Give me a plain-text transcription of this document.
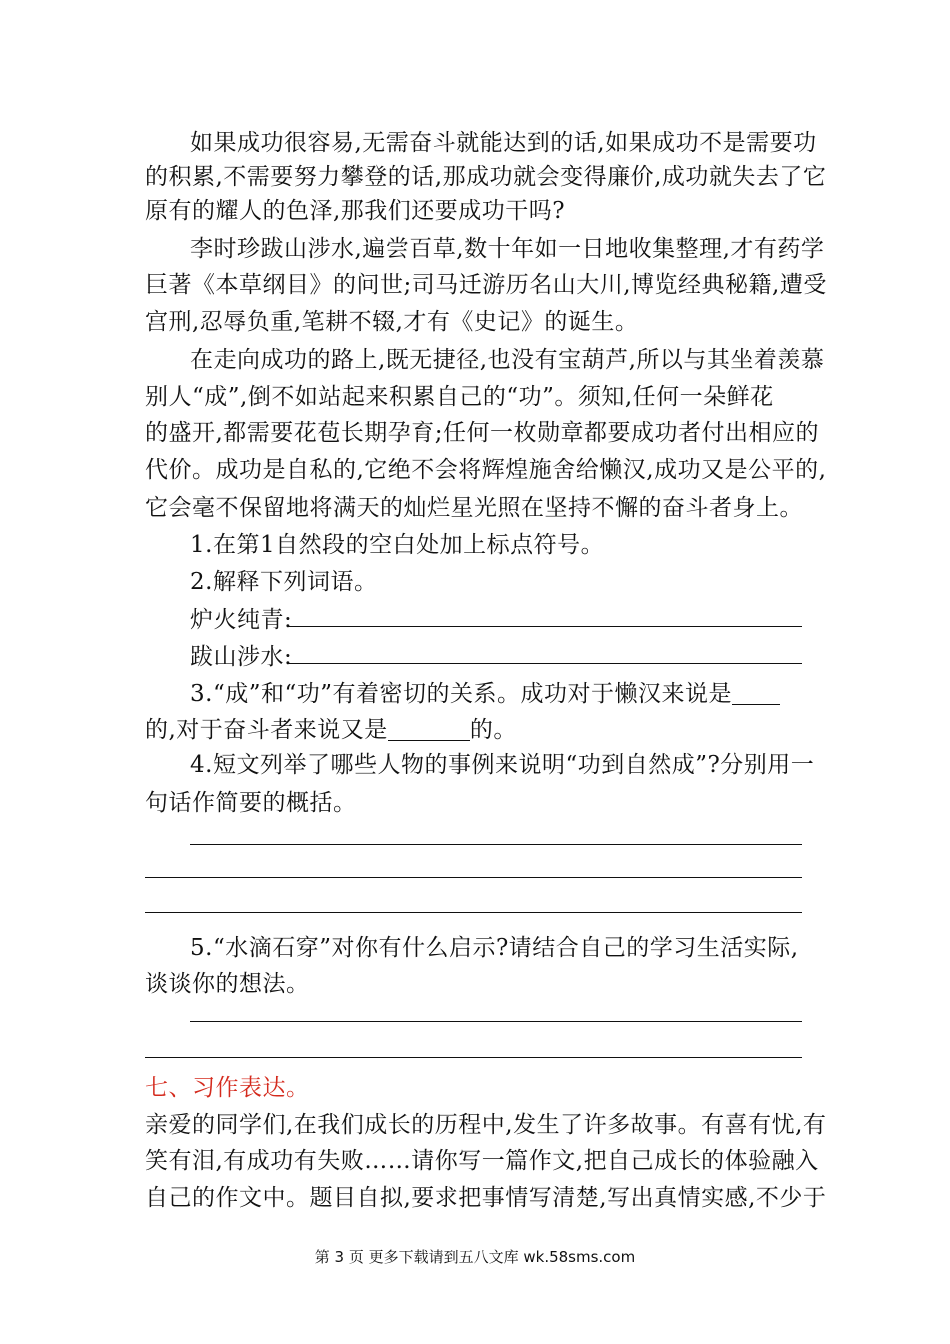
如果成功很容易,无需奋斗就能达到的话,如果成功不是需要功
的积累,不需要努力攀登的话,那成功就会变得廉价,成功就失去了它
原有的耀人的色泽,那我们还要成功干吗?
李时珍跋山涉水,遍尝百草,数十年如一日地收集整理,才有药学
巨著《本草纲目》的问世;司马迁游历名山大川,博览经典秘籍,遭受
宫刑,忍辱负重,笔耕不辍,才有《史记》的诞生。
在走向成功的路上,既无捷径,也没有宝葫芦,所以与其坐着羡慕
别人“成”,倒不如站起来积累自己的“功”。须知,任何一朵鲜花
的盛开,都需要花苞长期孕育;任何一枚勋章都要成功者付出相应的
代价。成功是自私的,它绝不会将辉煌施舍给懒汉,成功又是公平的,
它会毫不保留地将满天的灿烂星光照在坚持不懈的奋斗者身上。
1.在第1自然段的空白处加上标点符号。
2.解释下列词语。
炉火纯青:
跋山涉水:
3.“成”和“功”有着密切的关系。成功对于懒汉来说是
的,对于奋斗者来说又是	的。
4.短文列举了哪些人物的事例来说明“功到自然成”?分别用一
句话作简要的概括。
5.“水滴石穿”对你有什么启示?请结合自己的学习生活实际,
谈谈你的想法。
七、习作表达。
亲爱的同学们,在我们成长的历程中,发生了许多故事。有喜有忧,有
笑有泪,有成功有失败……请你写一篇作文,把自己成长的体验融入
自己的作文中。题目自拟,要求把事情写清楚,写出真情实感,不少于
第 3 页 更多下载请到五八文库 wk.58sms.com
